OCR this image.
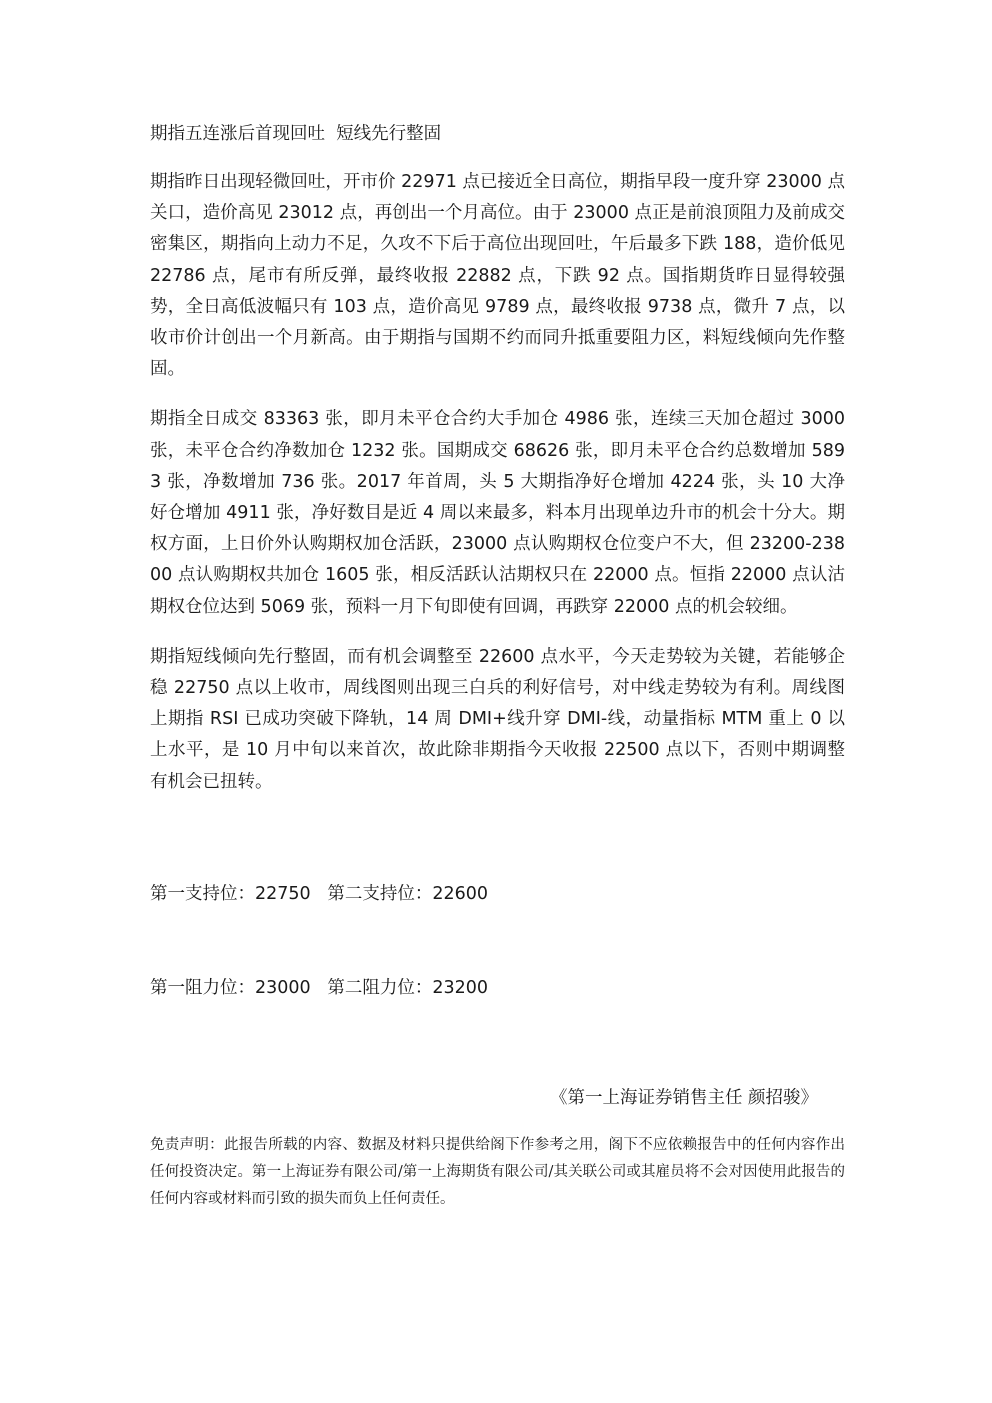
期指五连涨后首现回吐  短线先行整固

期指昨日出现轻微回吐，开市价 22971 点已接近全日高位，期指早段一度升穿 23000 点关口，造价高见 23012 点，再创出一个月高位。由于 23000 点正是前浪顶阻力及前成交密集区，期指向上动力不足，久攻不下后于高位出现回吐，午后最多下跌 188，造价低见 22786 点，尾市有所反弹，最终收报 22882 点，下跌 92 点。国指期货昨日显得较强势，全日高低波幅只有 103 点，造价高见 9789 点，最终收报 9738 点，微升 7 点，以收市价计创出一个月新高。由于期指与国期不约而同升抵重要阻力区，料短线倾向先作整固。

期指全日成交 83363 张，即月未平仓合约大手加仓 4986 张，连续三天加仓超过 3000 张，未平仓合约净数加仓 1232 张。国期成交 68626 张，即月未平仓合约总数增加 5893 张，净数增加 736 张。2017 年首周，头 5 大期指净好仓增加 4224 张，头 10 大净好仓增加 4911 张，净好数目是近 4 周以来最多，料本月出现单边升市的机会十分大。期权方面，上日价外认购期权加仓活跃，23000 点认购期权仓位变户不大，但 23200-23800 点认购期权共加仓 1605 张，相反活跃认沽期权只在 22000 点。恒指 22000 点认沽期权仓位达到 5069 张，预料一月下旬即使有回调，再跌穿 22000 点的机会较细。

期指短线倾向先行整固，而有机会调整至 22600 点水平，今天走势较为关键，若能够企稳 22750 点以上收市，周线图则出现三白兵的利好信号，对中线走势较为有利。周线图上期指 RSI 已成功突破下降轨，14 周 DMI+线升穿 DMI-线，动量指标 MTM 重上 0 以上水平，是 10 月中旬以来首次，故此除非期指今天收报 22500 点以下，否则中期调整有机会已扭转。

第一支持位：22750   第二支持位：22600

第一阻力位：23000   第二阻力位：23200

《第一上海证券销售主任 颜招骏》

免责声明：此报告所载的内容、数据及材料只提供给阁下作参考之用，阁下不应依赖报告中的任何内容作出任何投资决定。第一上海证券有限公司/第一上海期货有限公司/其关联公司或其雇员将不会对因使用此报告的任何内容或材料而引致的损失而负上任何责任。
